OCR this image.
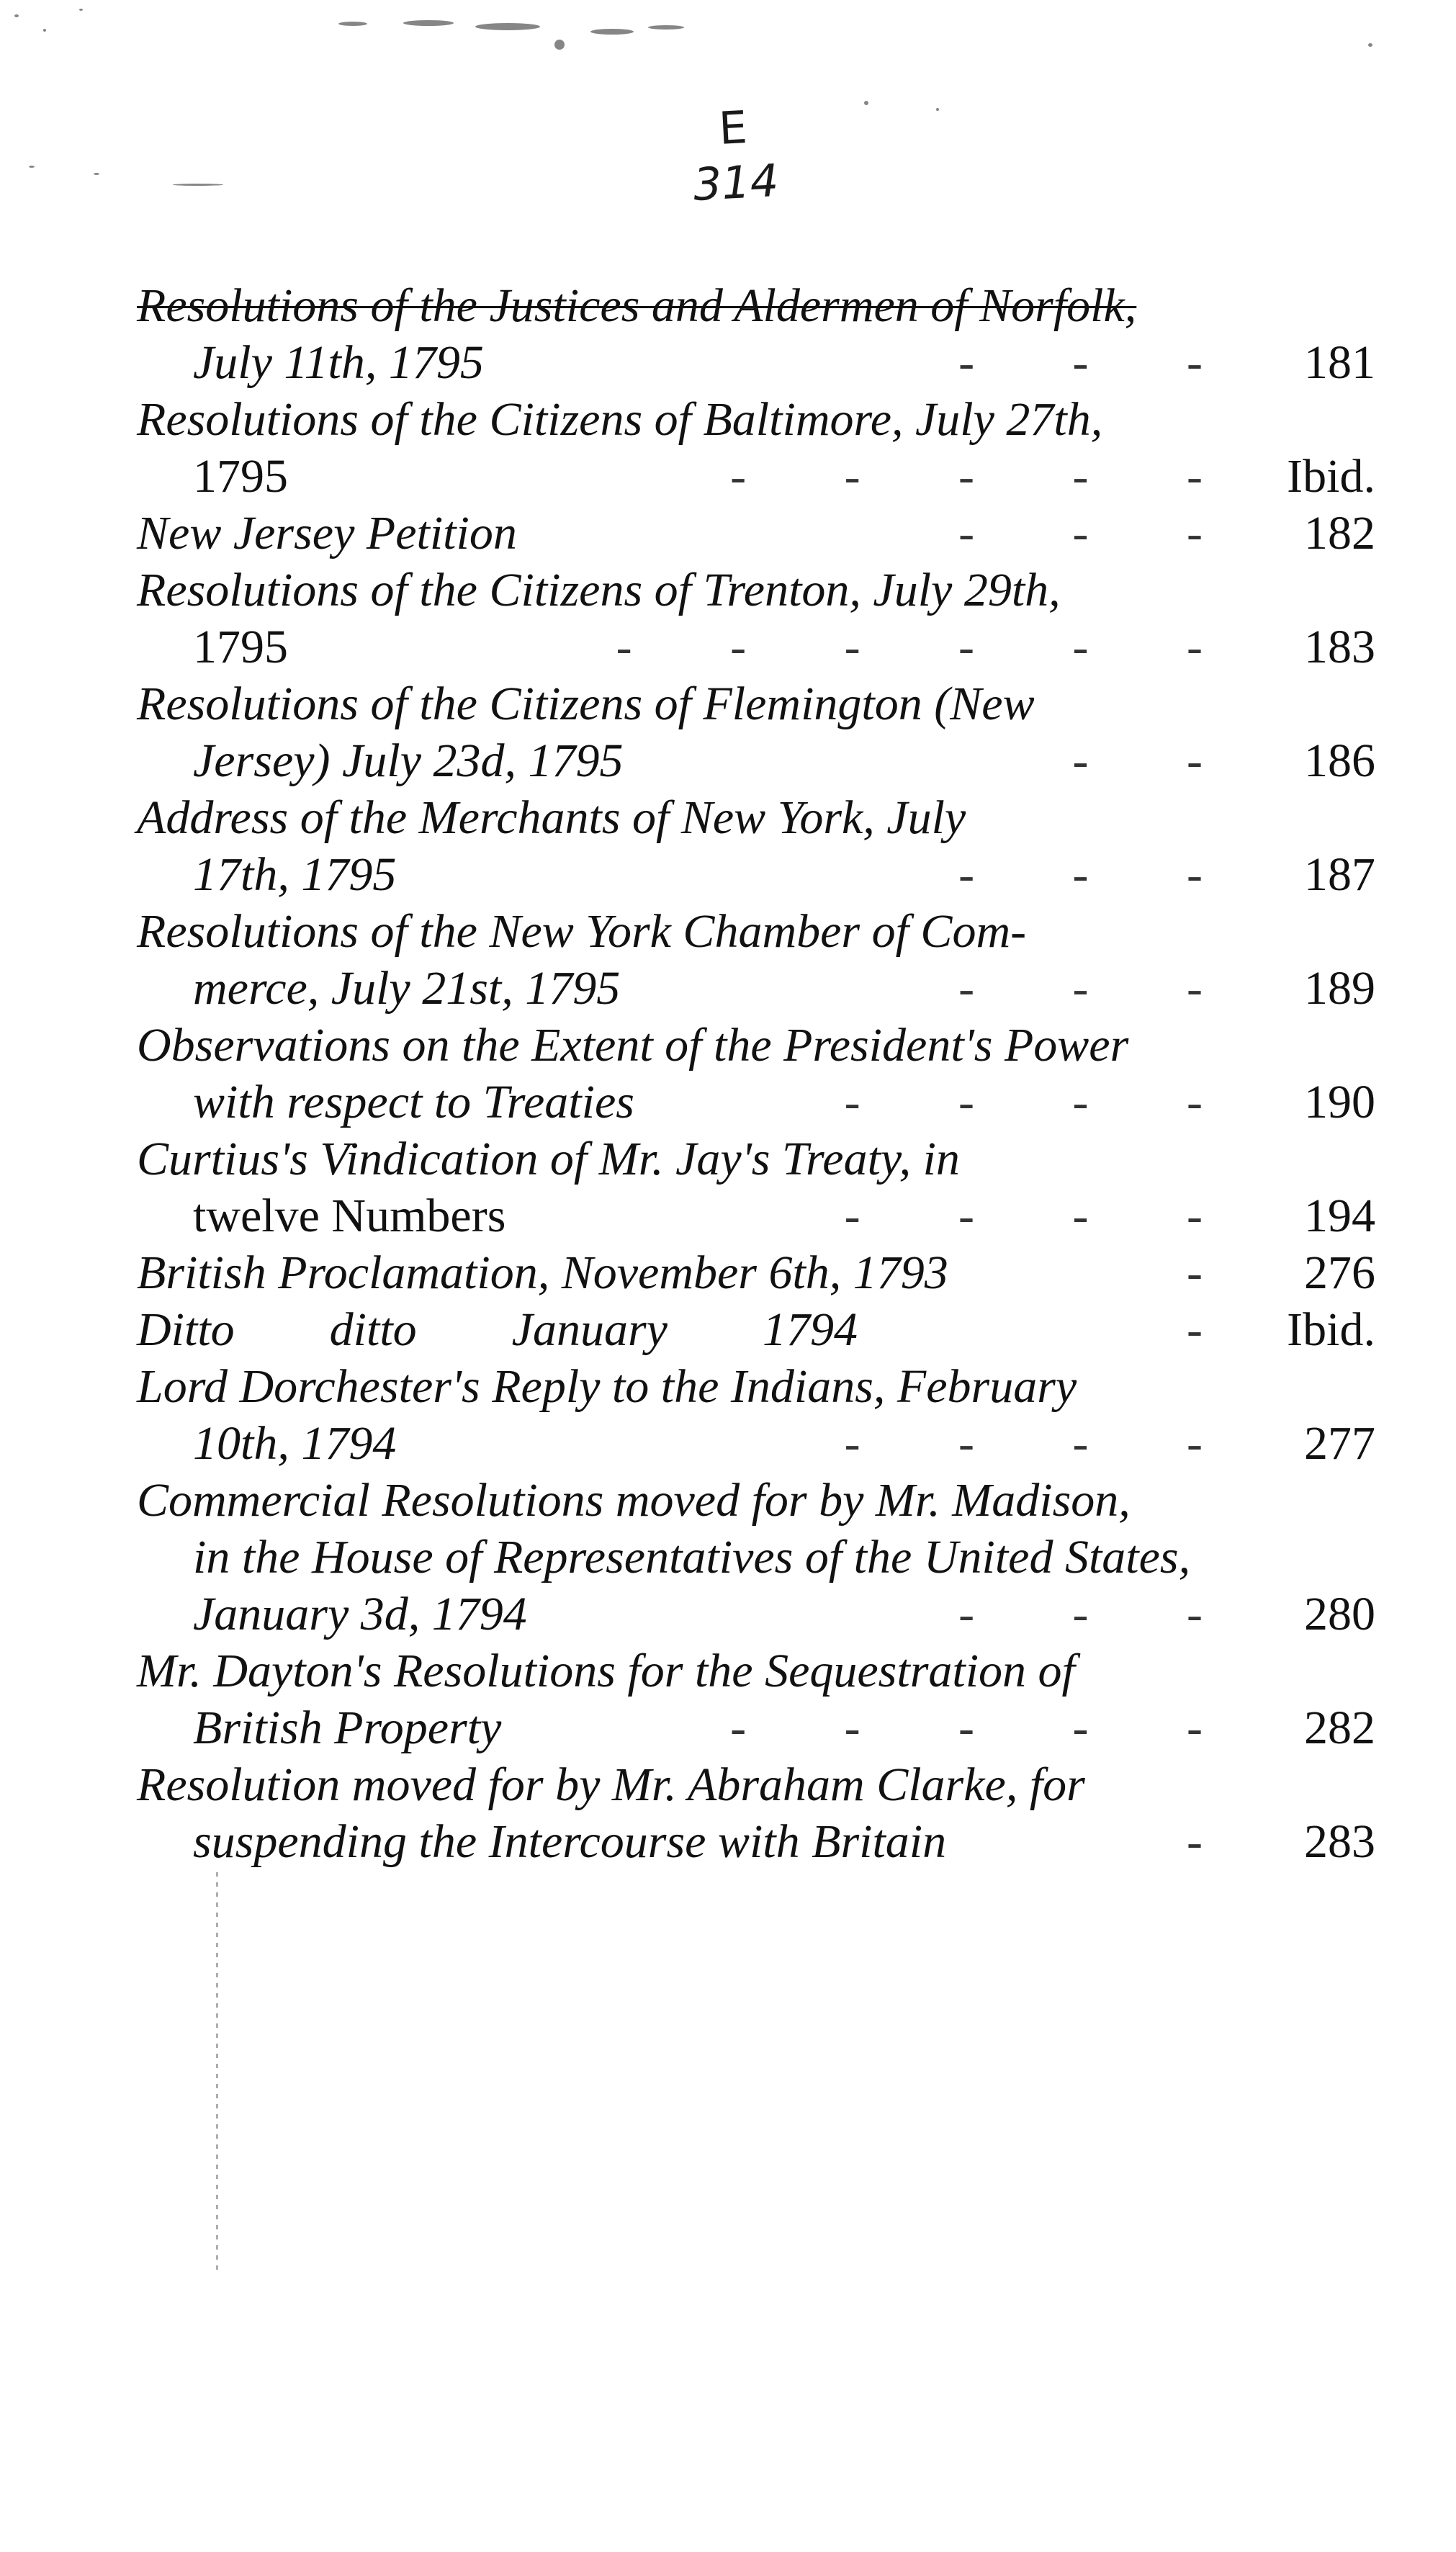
E
314
Resolutions of the Justices and Aldermen of Norfolk,
July 11th, 1795	- - -	181
Resolutions of the Citizens of Baltimore, July 27th,
1795	- - - - - Ibid.
New Jersey Petition	- - -	182
Resolutions of the Citizens of Trenton, July 29th,
1795	- - - - - -	183
Resolutions of the Citizens of Flemington (New
Jersey) July 23d, 1795	- -	186
Address of the Merchants of New York, July
17th, 1795	- - -	187
Resolutions of the New York Chamber of Com-
merce, July 21st, 1795	- - -	189
Observations on the Extent of the President's Power
with respect to Treaties	- - - -	190
Curtius's Vindication of Mr. Jay's Treaty, in
twelve Numbers	- - - -	194
British Proclamation, November 6th, 1793	-	276
Ditto        ditto        January        1794	- Ibid.
Lord Dorchester's Reply to the Indians, February
10th, 1794	- - - -	277
Commercial Resolutions moved for by Mr. Madison,
in the House of Representatives of the United States,
January 3d, 1794	- - -	280
Mr. Dayton's Resolutions for the Sequestration of
British Property	- - - - -	282
Resolution moved for by Mr. Abraham Clarke, for
suspending the Intercourse with Britain	-	283
